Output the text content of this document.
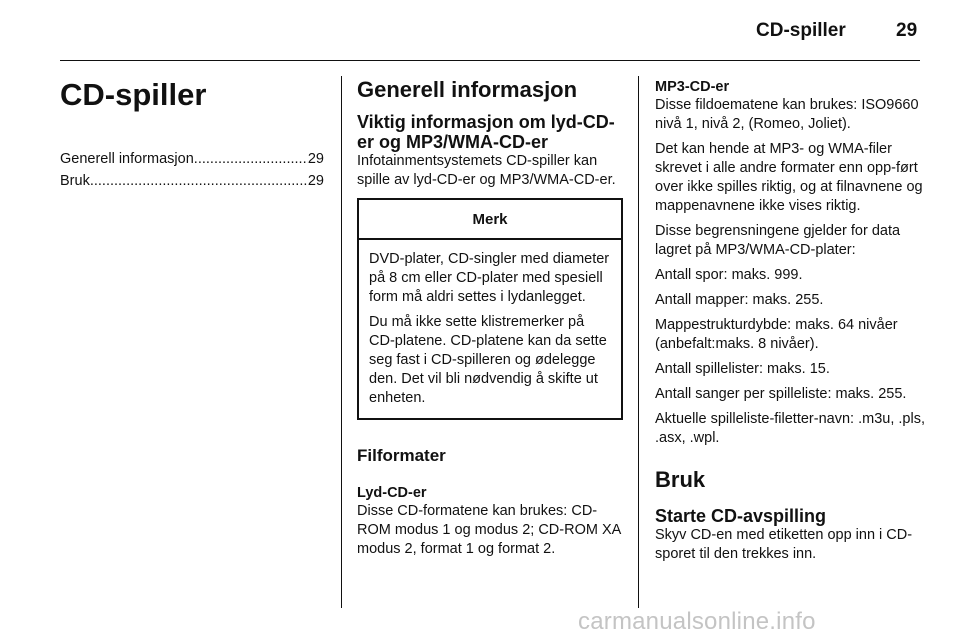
CD-spiller	29
CD-spiller
Generell informasjon .....	29
Bruk .....	29
Generell informasjon
Viktig informasjon om lyd-CD-er og MP3/WMA-CD-er

Infotainmentsystemets CD-spiller kan spille av lyd-CD-er og MP3/WMA-CD-er.

Merk

DVD-plater, CD-singler med diameter på 8 cm eller CD-plater med spesiell form må aldri settes i lydanlegget.

Du må ikke sette klistremerker på CD-platene. CD-platene kan da sette seg fast i CD-spilleren og ødelegge den. Det vil bli nødvendig å skifte ut enheten.

Filformater
Lyd-CD-er

Disse CD-formatene kan brukes: CD-ROM modus 1 og modus 2; CD-ROM XA modus 2, format 1 og format 2.

MP3-CD-er

Disse fildoematene kan brukes: ISO9660 nivå 1, nivå 2, (Romeo, Joliet).

Det kan hende at MP3- og WMA-filer skrevet i alle andre formater enn opp-ført over ikke spilles riktig, og at filnavnene og mappenavnene ikke vises riktig.

Disse begrensningene gjelder for data lagret på MP3/WMA-CD-plater:

Antall spor: maks. 999.

Antall mapper: maks. 255.

Mappestrukturdybde: maks. 64 nivåer (anbefalt:maks. 8 nivåer).

Antall spillelister: maks. 15.

Antall sanger per spilleliste: maks. 255.

Aktuelle spilleliste-filetter-navn: .m3u, .pls, .asx, .wpl.

Bruk
Starte CD-avspilling

Skyv CD-en med etiketten opp inn i CD-sporet til den trekkes inn.

carmanualsonline.info
